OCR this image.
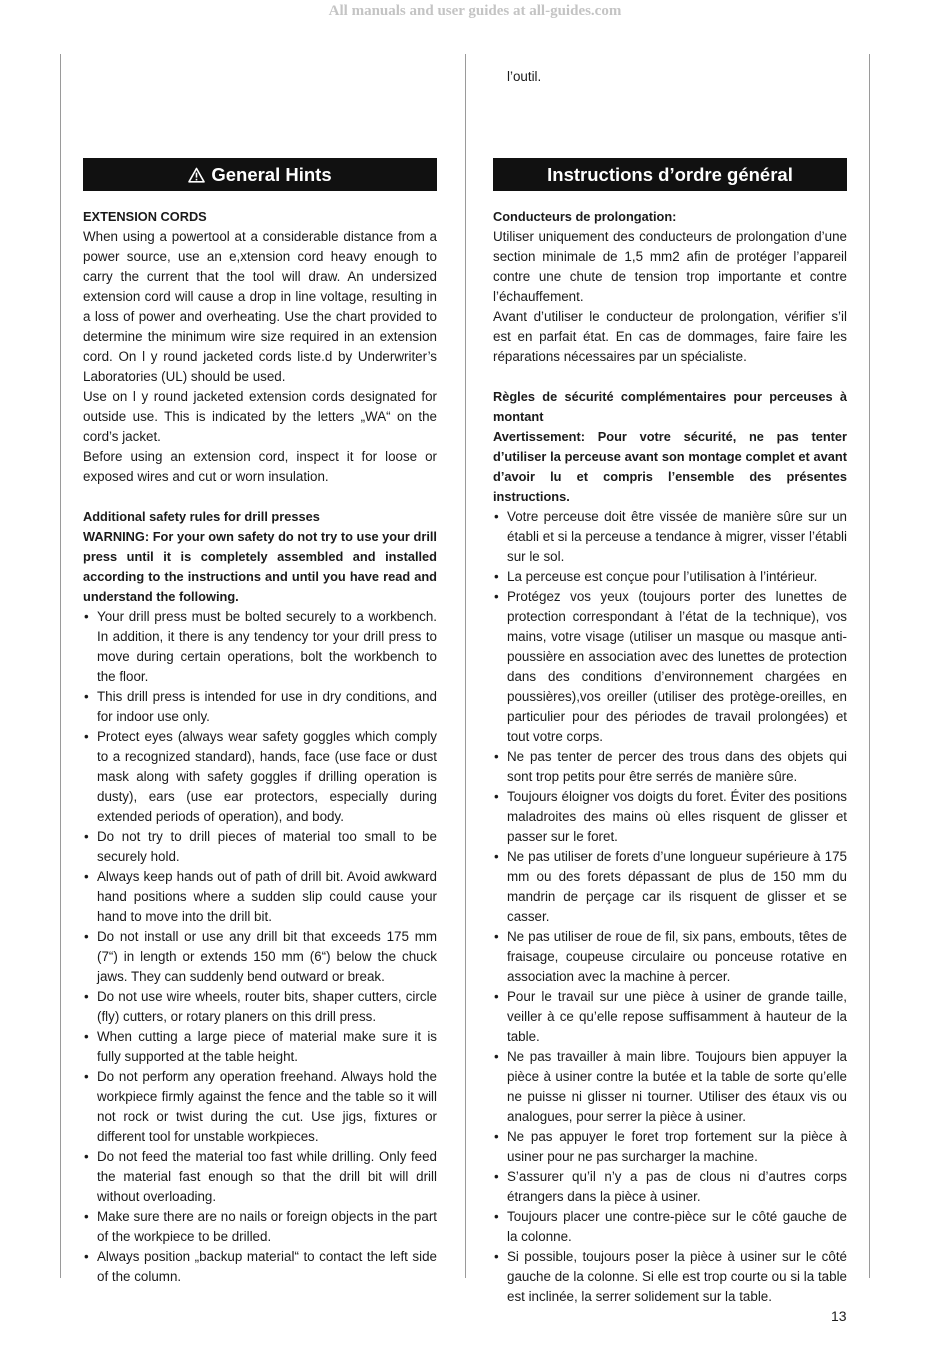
All manuals and user guides at all-guides.com
l’outil.
General Hints	Instructions d’ordre général

EXTENSION CORDS

When using a powertool at a considerable distance from a power source, use an e,xtension cord heavy enough to carry the current that the tool will draw. An undersized extension cord will cause a drop in line voltage, resulting in a loss of power and overheating. Use the chart provided to determine the minimum wire size required in an extension cord. On l y round jacketed cords liste.d by Underwriter’s Laboratories (UL) should be used.

Use on l y round jacketed extension cords designated for outside use. This is indicated by the letters „WA“ on the cord’s jacket.

Before using an extension cord, inspect it for loose or exposed wires and cut or worn insulation.

Additional safety rules for drill presses

WARNING: For your own safety do not try to use your drill press until it is completely assembled and installed according to the instructions and until you have read and understand the following.

• Your drill press must be bolted securely to a workbench. In addition, it there is any tendency tor your drill press to move during certain operations, bolt the workbench to the floor.
• This drill press is intended for use in dry conditions, and for indoor use only.
• Protect eyes (always wear safety goggles which comply to a recognized standard), hands, face (use face or dust mask along with safety goggles if drilling operation is dusty), ears (use ear protectors, especially during extended periods of operation), and body.
• Do not try to drill pieces of material too small to be securely hold.
• Always keep hands out of path of drill bit. Avoid awkward hand positions where a sudden slip could cause your hand to move into the drill bit.
• Do not install or use any drill bit that exceeds 175 mm (7“) in length or extends 150 mm (6“) below the chuck jaws. They can suddenly bend outward or break.
• Do not use wire wheels, router bits, shaper cutters, circle (fly) cutters, or rotary planers on this drill press.
• When cutting a large piece of material make sure it is fully supported at the table height.
• Do not perform any operation freehand. Always hold the workpiece firmly against the fence and the table so it will not rock or twist during the cut. Use jigs, fixtures or different tool for unstable workpieces.
• Do not feed the material too fast while drilling. Only feed the material fast enough so that the drill bit will drill without overloading.
• Make sure there are no nails or foreign objects in the part of the workpiece to be drilled.
• Always position „backup material“ to contact the left side of the column.

Conducteurs de prolongation:

Utiliser uniquement des conducteurs de prolongation d’une section minimale de 1,5 mm2 afin de protéger l’appareil contre une chute de tension trop importante et contre l’échauffement.

Avant d’utiliser le conducteur de prolongation, vérifier s’il est en parfait état. En cas de dommages, faire faire les réparations nécessaires par un spécialiste.

Règles de sécurité complémentaires pour perceuses à montant

Avertissement: Pour votre sécurité, ne pas tenter d’utiliser la perceuse avant son montage complet et avant d’avoir lu et compris l’ensemble des présentes instructions.

• Votre perceuse doit être vissée de manière sûre sur un établi et si la perceuse a tendance à migrer, visser l’établi sur le sol.
• La perceuse est conçue pour l’utilisation à l’intérieur.
• Protégez vos yeux (toujours porter des lunettes de protection correspondant à l’état de la technique), vos mains, votre visage (utiliser un masque ou masque anti-poussière en association avec des lunettes de protection dans des conditions d’environnement chargées en poussières),vos oreiller (utiliser des protège-oreilles, en particulier pour des périodes de travail prolongées) et tout votre corps.
• Ne pas tenter de percer des trous dans des objets qui sont trop petits pour être serrés de manière sûre.
• Toujours éloigner vos doigts du foret. Éviter des positions maladroites des mains où elles risquent de glisser et passer sur le foret.
• Ne pas utiliser de forets d’une longueur supérieure à 175 mm ou des forets dépassant de plus de 150 mm du mandrin de perçage car ils risquent de glisser et se casser.
• Ne pas utiliser de roue de fil, six pans, embouts, têtes de fraisage, coupeuse circulaire ou ponceuse rotative en association avec la machine à percer.
• Pour le travail sur une pièce à usiner de grande taille, veiller à ce qu’elle repose suffisamment à hauteur de la table.
• Ne pas travailler à main libre. Toujours bien appuyer la pièce à usiner contre la butée et la table de sorte qu’elle ne puisse ni glisser ni tourner. Utiliser des étaux vis ou analogues, pour serrer la pièce à usiner.
• Ne pas appuyer le foret trop fortement sur la pièce à usiner pour ne pas surcharger la machine.
• S’assurer qu’il n’y a pas de clous ni d’autres corps étrangers dans la pièce à usiner.
• Toujours placer une contre-pièce sur le côté gauche de la colonne.
• Si possible, toujours poser la pièce à usiner sur le côté gauche de la colonne. Si elle est trop courte ou si la table est inclinée, la serrer solidement sur la table.
13
